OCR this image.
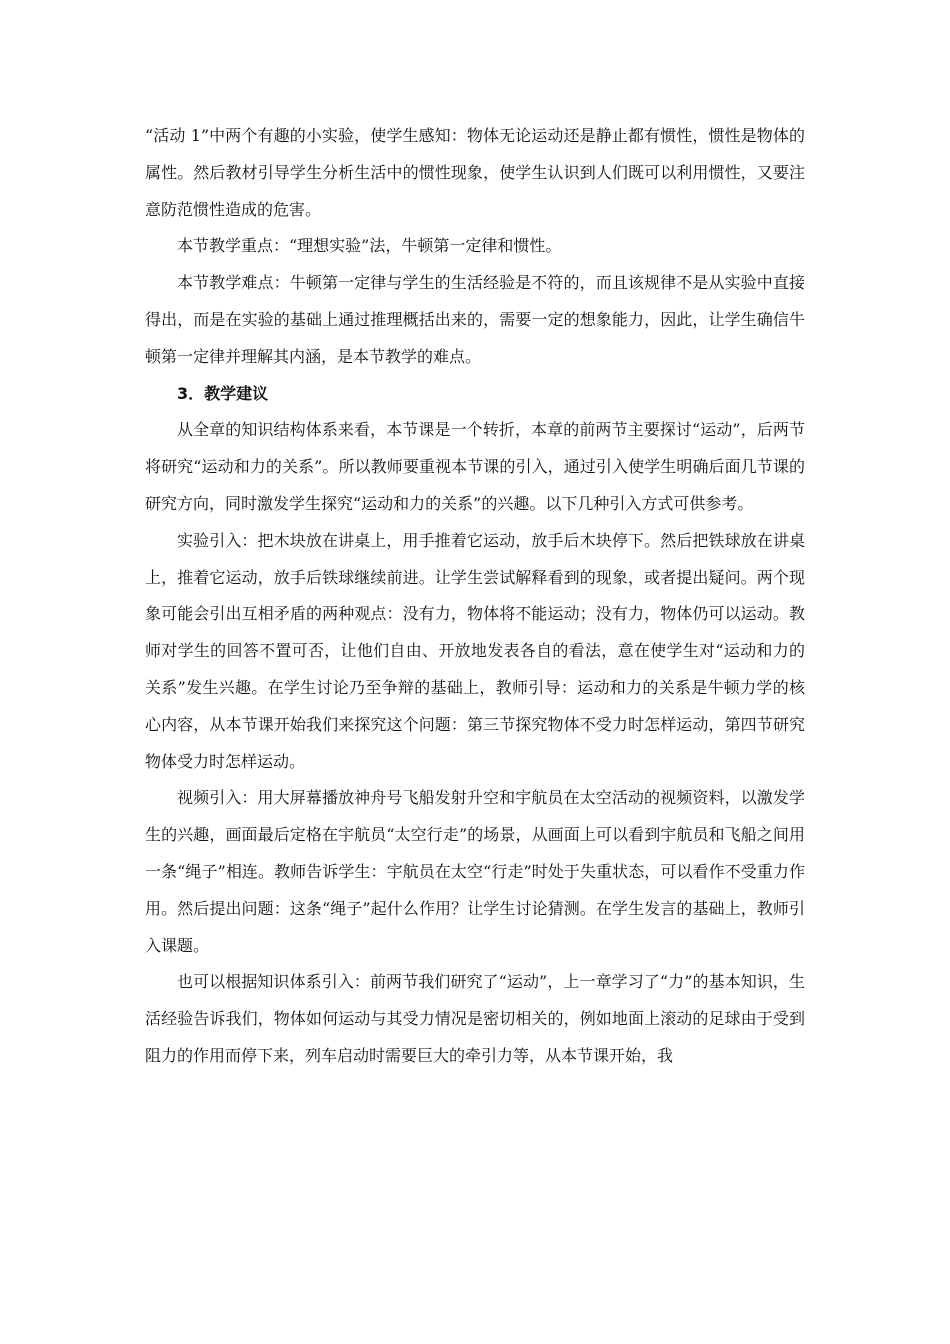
“活动 1”中两个有趣的小实验，使学生感知：物体无论运动还是静止都有惯性，惯性是物体的属性。然后教材引导学生分析生活中的惯性现象，使学生认识到人们既可以利用惯性，又要注意防范惯性造成的危害。

本节教学重点：“理想实验”法，牛顿第一定律和惯性。

本节教学难点：牛顿第一定律与学生的生活经验是不符的，而且该规律不是从实验中直接得出，而是在实验的基础上通过推理概括出来的，需要一定的想象能力，因此，让学生确信牛顿第一定律并理解其内涵，是本节教学的难点。

3．教学建议

从全章的知识结构体系来看，本节课是一个转折，本章的前两节主要探讨“运动”，后两节将研究“运动和力的关系”。所以教师要重视本节课的引入，通过引入使学生明确后面几节课的研究方向，同时激发学生探究“运动和力的关系”的兴趣。以下几种引入方式可供参考。

实验引入：把木块放在讲桌上，用手推着它运动，放手后木块停下。然后把铁球放在讲桌上，推着它运动，放手后铁球继续前进。让学生尝试解释看到的现象，或者提出疑问。两个现象可能会引出互相矛盾的两种观点：没有力，物体将不能运动；没有力，物体仍可以运动。教师对学生的回答不置可否，让他们自由、开放地发表各自的看法，意在使学生对“运动和力的关系”发生兴趣。在学生讨论乃至争辩的基础上，教师引导：运动和力的关系是牛顿力学的核心内容，从本节课开始我们来探究这个问题：第三节探究物体不受力时怎样运动，第四节研究物体受力时怎样运动。

视频引入：用大屏幕播放神舟号飞船发射升空和宇航员在太空活动的视频资料，以激发学生的兴趣，画面最后定格在宇航员“太空行走”的场景，从画面上可以看到宇航员和飞船之间用一条“绳子”相连。教师告诉学生：宇航员在太空“行走”时处于失重状态，可以看作不受重力作用。然后提出问题：这条“绳子”起什么作用？让学生讨论猜测。在学生发言的基础上，教师引入课题。

也可以根据知识体系引入：前两节我们研究了“运动”，上一章学习了“力”的基本知识，生活经验告诉我们，物体如何运动与其受力情况是密切相关的，例如地面上滚动的足球由于受到阻力的作用而停下来，列车启动时需要巨大的牵引力等，从本节课开始，我
